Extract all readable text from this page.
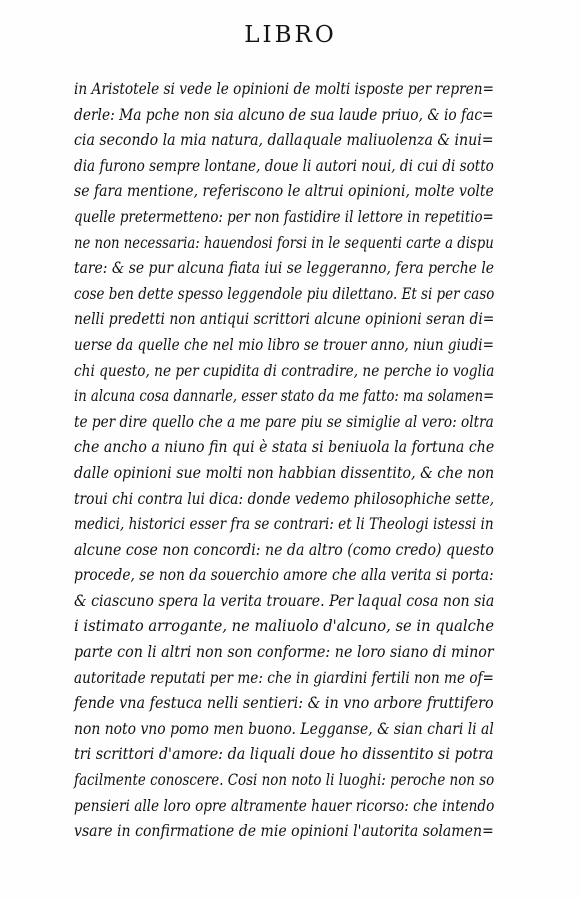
LIBRO
in Aristotele si vede le opinioni de molti isposte per repren=
derle: Ma pche non sia alcuno de sua laude priuo, & io fac=
cia secondo la mia natura, dallaquale maliuolenza & inui=
dia furono sempre lontane, doue li autori noui, di cui di sotto
se fara mentione, referiscono le altrui opinioni, molte volte
quelle pretermetteno: per non fastidire il lettore in repetitio=
ne non necessaria: hauendosi forsi in le sequenti carte a dispu
tare: & se pur alcuna fiata iui se leggeranno, fera perche le
cose ben dette spesso leggendole piu dilettano. Et si per caso
nelli predetti non antiqui scrittori alcune opinioni seran di=
uerse da quelle che nel mio libro se trouer anno, niun giudi=
chi questo, ne per cupidita di contradire, ne perche io voglia
in alcuna cosa dannarle, esser stato da me fatto: ma solamen=
te per dire quello che a me pare piu se simiglie al vero: oltra
che ancho a niuno fin qui è stata si beniuola la fortuna che
dalle opinioni sue molti non habbian dissentito, & che non
troui chi contra lui dica: donde vedemo philosophiche sette,
medici, historici esser fra se contrari: et li Theologi istessi in
alcune cose non concordi: ne da altro (como credo) questo
procede, se non da souerchio amore che alla verita si porta:
& ciascuno spera la verita trouare. Per laqual cosa non sia
i istimato arrogante, ne maliuolo d'alcuno, se in qualche
parte con li altri non son conforme: ne loro siano di minor
autoritade reputati per me: che in giardini fertili non me of=
fende vna festuca nelli sentieri: & in vno arbore fruttifero
non noto vno pomo men buono. Legganse, & sian chari li al
tri scrittori d'amore: da liquali doue ho dissentito si potra
facilmente conoscere. Cosi non noto li luoghi: peroche non so
pensieri alle loro opre altramente hauer ricorso: che intendo
vsare in confirmatione de mie opinioni l'autorita solamen=
